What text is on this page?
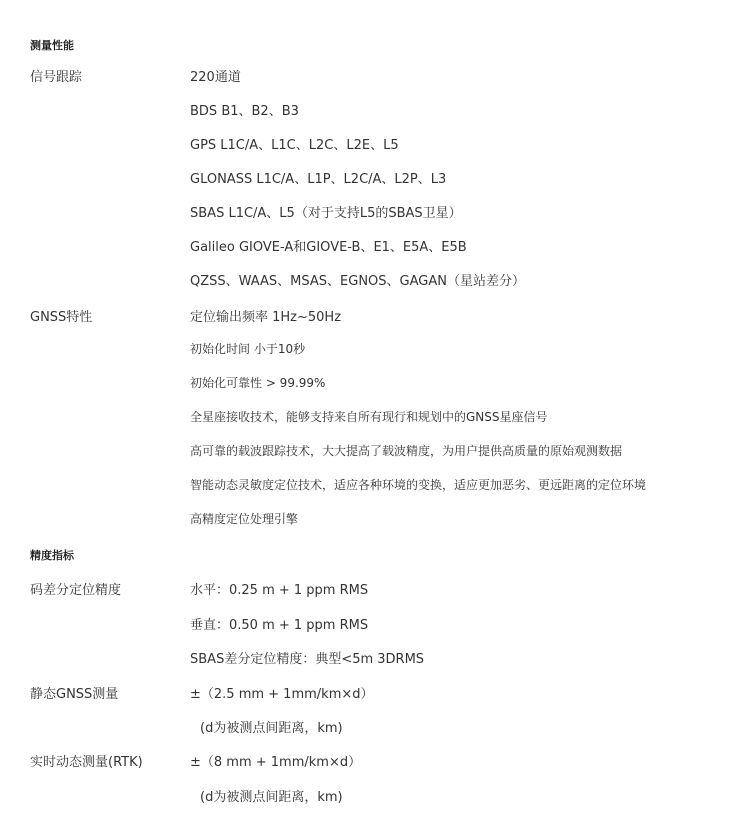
测量性能
信号跟踪	220通道
BDS B1、B2、B3
GPS L1C/A、L1C、L2C、L2E、L5
GLONASS L1C/A、L1P、L2C/A、L2P、L3
SBAS L1C/A、L5（对于支持L5的SBAS卫星）
Galileo GIOVE-A和GIOVE-B、E1、E5A、E5B
QZSS、WAAS、MSAS、EGNOS、GAGAN（星站差分）
GNSS特性	定位输出频率 1Hz~50Hz
初始化时间 小于10秒
初始化可靠性 > 99.99%
全星座接收技术，能够支持来自所有现行和规划中的GNSS星座信号
高可靠的载波跟踪技术，大大提高了载波精度，为用户提供高质量的原始观测数据
智能动态灵敏度定位技术，适应各种环境的变换，适应更加恶劣、更远距离的定位环境
高精度定位处理引擎
精度指标
码差分定位精度	水平：0.25 m + 1 ppm RMS
垂直：0.50 m + 1 ppm RMS
SBAS差分定位精度：典型<5m 3DRMS
静态GNSS测量	±（2.5 mm + 1mm/km×d）
(d为被测点间距离，km)
实时动态测量(RTK)	±（8 mm + 1mm/km×d）
(d为被测点间距离，km)
